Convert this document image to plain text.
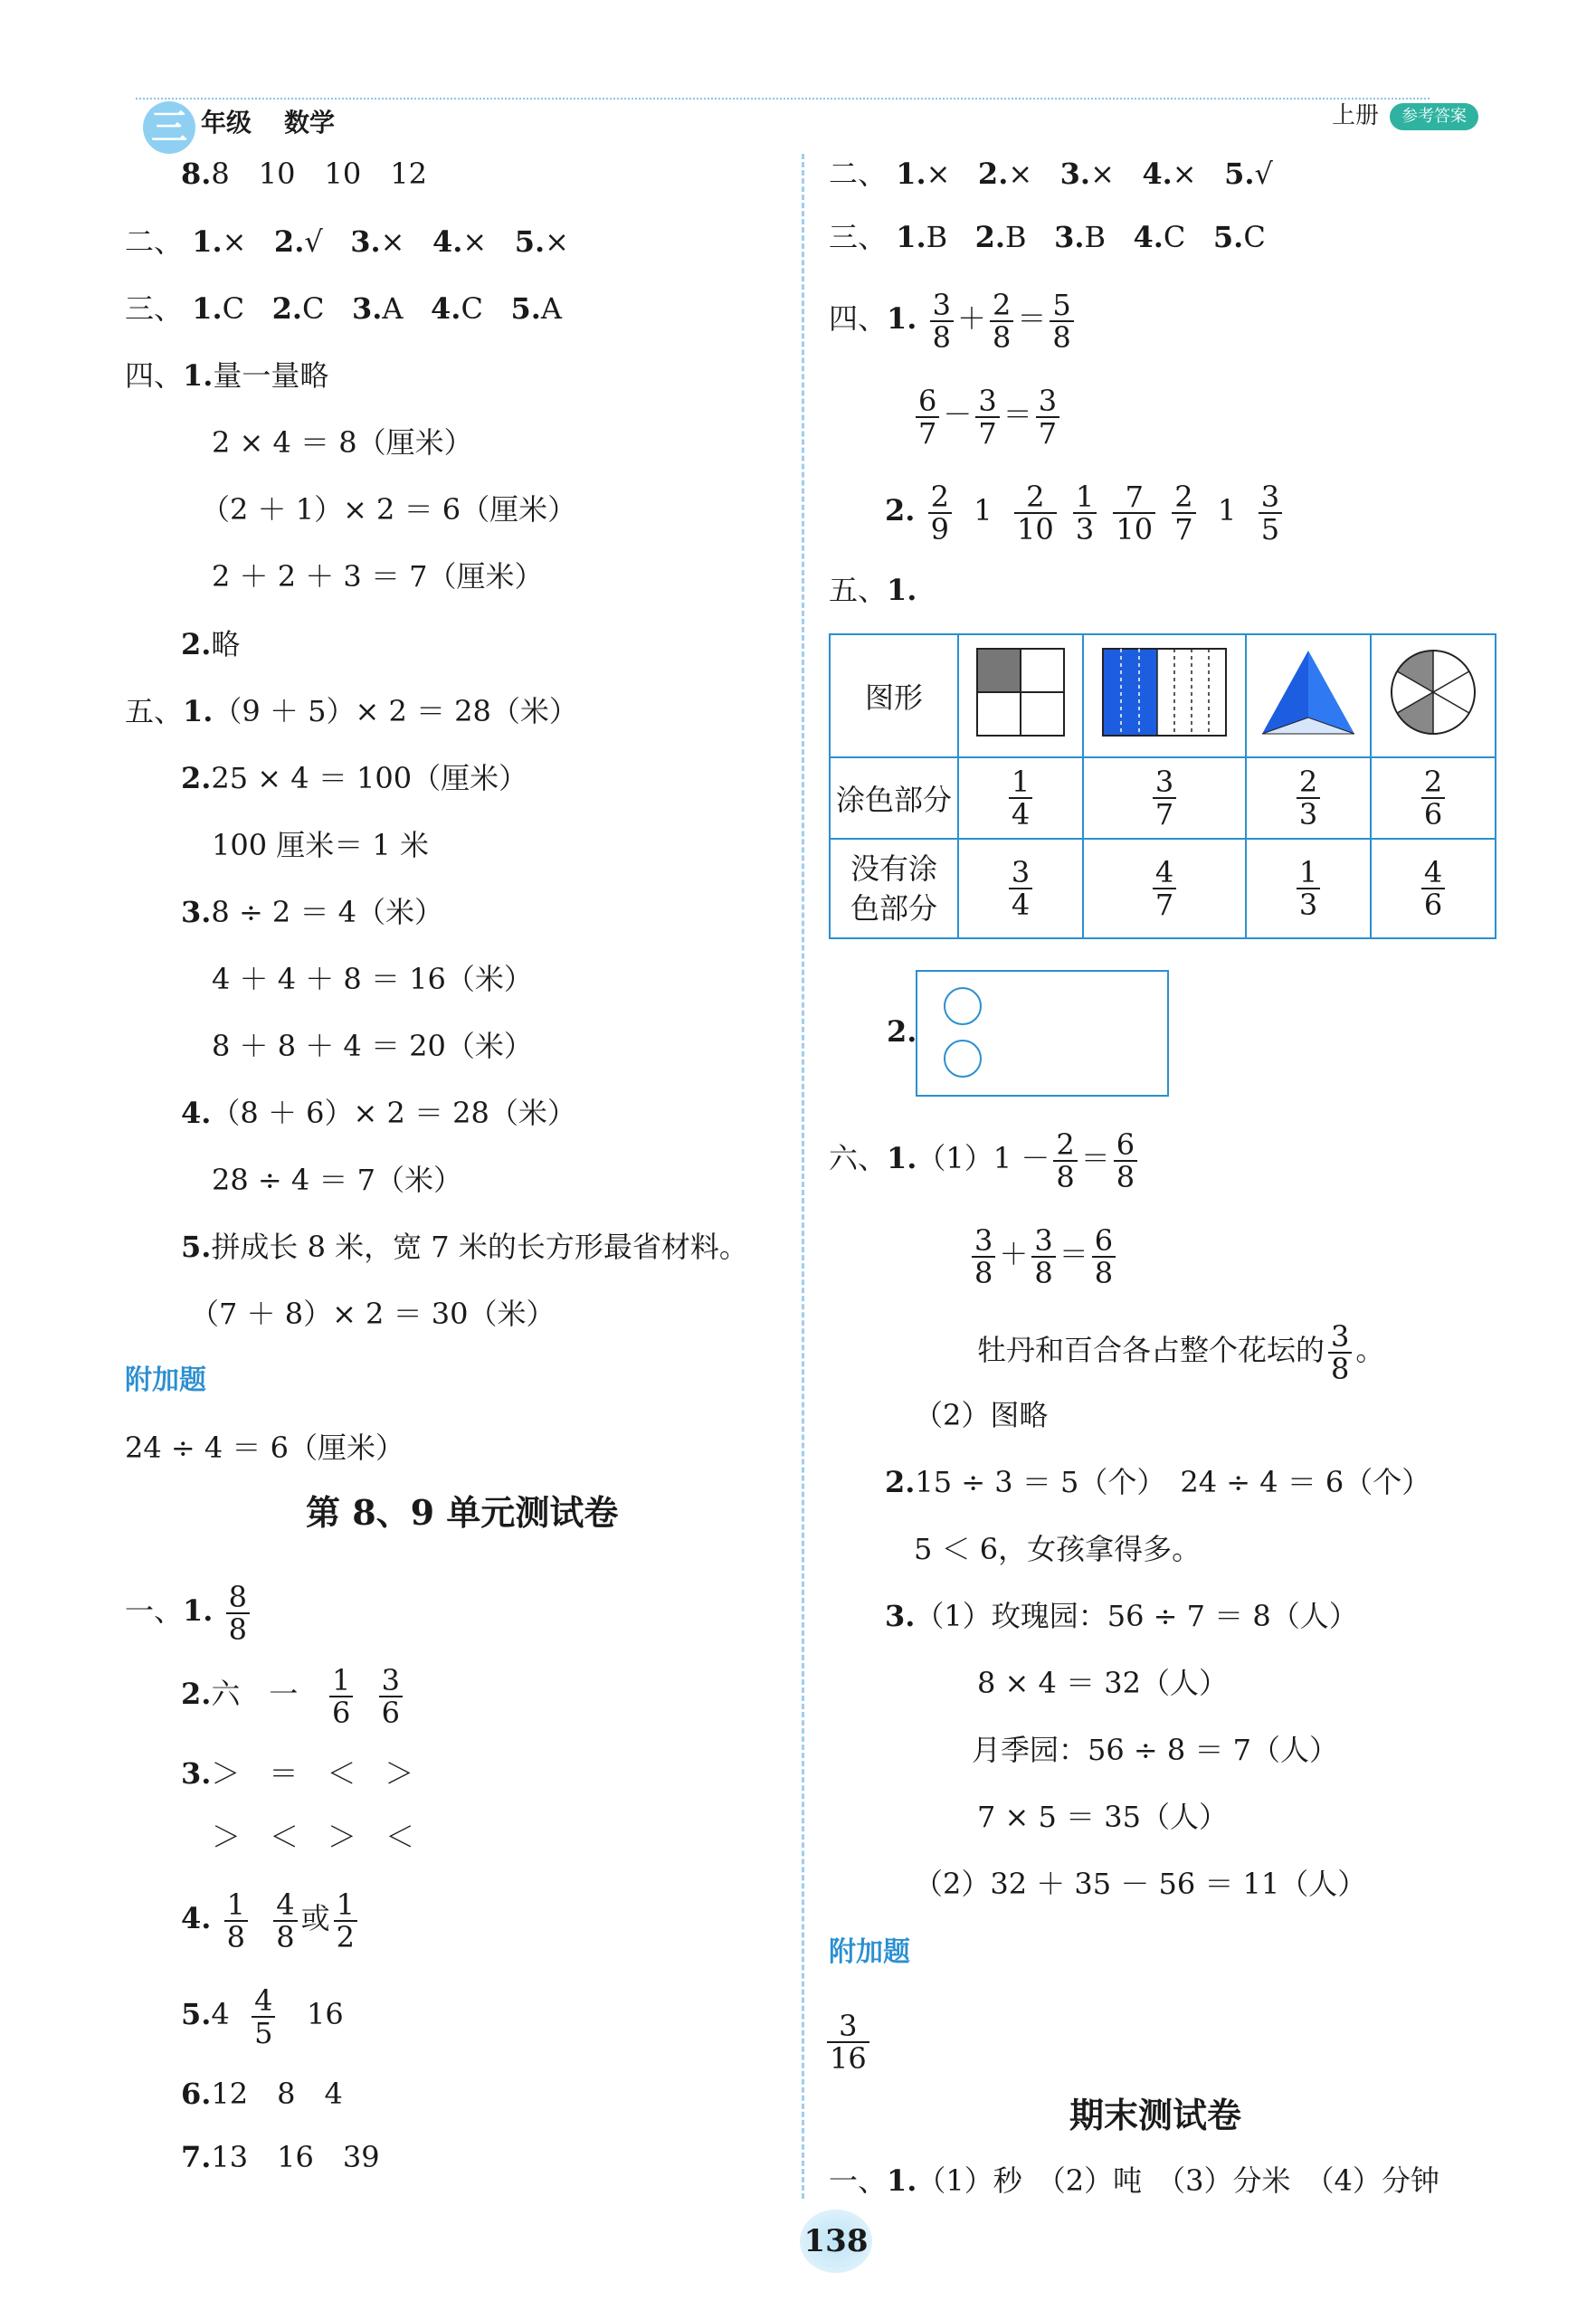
三 年级 数学	上册	参考答案
8.8　10　10　12
二、 1.× 2.√ 3.× 4.× 5.×
三、 1.C 2.C 3.A 4.C 5.A
四、1.量一量略
2 × 4 ＝ 8（厘米）
（2 ＋ 1）× 2 ＝ 6（厘米）
2 ＋ 2 ＋ 3 ＝ 7（厘米）
2.略
五、1.（9 ＋ 5）× 2 ＝ 28（米）
2.25 × 4 ＝ 100（厘米）
100 厘米＝ 1 米
3.8 ÷ 2 ＝ 4（米）
4 ＋ 4 ＋ 8 ＝ 16（米）
8 ＋ 8 ＋ 4 ＝ 20（米）
4.（8 ＋ 6）× 2 ＝ 28（米）
28 ÷ 4 ＝ 7（米）
5.拼成长 8 米，宽 7 米的长方形最省材料。
（7 ＋ 8）× 2 ＝ 30（米）
附加题
24 ÷ 4 ＝ 6（厘米）
第 8、9 单元测试卷
一、1. $\frac{8}{8}$
2.六　一 $\frac{1}{6}$
$\frac{3}{6}$
3.＞　＝　＜　＞
＞　＜　＞　＜
4. $\frac{1}{8}$
$\frac{4}{8}$ 或 $\frac{1}{2}$
$5.4 \frac{4}{5} 16$
6.12　8　4
7.13　16　39
二、 1.× 2.× 3.× 4.× 5.√
三、 1.B 2.B 3.B 4.C 5.C
四、1. $\frac{3}{8} + \frac{2}{8} = \frac{5}{8}$
$\frac{6}{7} - \frac{3}{7} = \frac{3}{7}$
2. $\frac{2}{9} 1 \frac{2}{10}$
$\frac{1}{3}$
$\frac{7}{10}$
$\frac{2}{7} 1 \frac{3}{5}$
五、1.
图形				
涂色部分	$\frac{1}{4}$	$\frac{3}{7}$	$\frac{2}{3}$	$\frac{2}{6}$

没有涂
色部分	$\frac{3}{4}$	$\frac{4}{7}$	$\frac{1}{3}$	$\frac{4}{6}$
2.
六、$1.(1)1 - \frac{2}{8} = \frac{6}{8}$
$\frac{3}{8} + \frac{3}{8} = \frac{6}{8}$
牡丹和百合各占整个花坛的 $\frac{3}{8}$ 。
（2）图略
2.15 ÷ 3 ＝ 5（个）　24 ÷ 4 ＝ 6（个）
5 ＜ 6，女孩拿得多。
3.（1）玫瑰园：56 ÷ 7 ＝ 8（人）
8 × 4 ＝ 32（人）
月季园：56 ÷ 8 ＝ 7（人）
7 × 5 ＝ 35（人）
（2）32 ＋ 35 － 56 ＝ 11（人）
附加题
$\frac{3}{16}$
期末测试卷
一、1.（1）秒　（2）吨　（3）分米　（4）分钟
138
